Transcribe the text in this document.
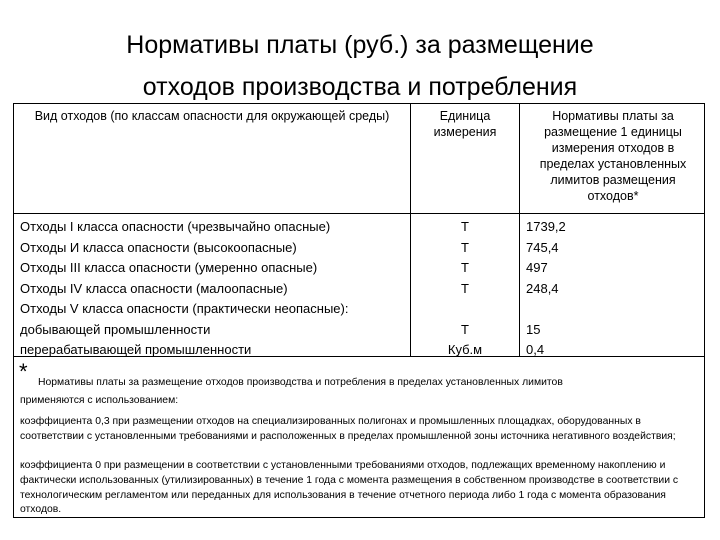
Нормативы платы (руб.) за размещение
отходов производства и потребления
Вид отходов (по классам опасности для окружающей среды)	Единица измерения
Нормативы платы за размещение 1 единицы измерения отходов в пределах установленных лимитов размещения отходов*
Отходы I класса опасности (чрезвычайно опасные)
Отходы И класса опасности (высокоопасные)
Отходы III класса опасности (умеренно опасные)
Отходы IV класса опасности (малоопасные)
Отходы V класса опасности (практически неопасные):
добывающей промышленности
перерабатывающей промышленности
Т
Т
Т
Т
Т
Куб.м
1739,2
745,4
497
248,4
15
0,4
* Нормативы платы за размещение отходов производства и потребления в пределах установленных лимитов
применяются с использованием:
коэффициента 0,3 при размещении отходов на специализированных полигонах и промышленных площадках, оборудованных в соответствии с установленными требованиями и расположенных в пределах промышленной зоны источника негативного воздействия;
коэффициента 0 при размещении в соответствии с установленными требованиями отходов, подлежащих временному накоплению и фактически использованных (утилизированных) в течение 1 года с момента размещения в собственном производстве в соответствии с технологическим регламентом или переданных для использования в течение отчетного периода либо 1 года с момента образования отходов.
